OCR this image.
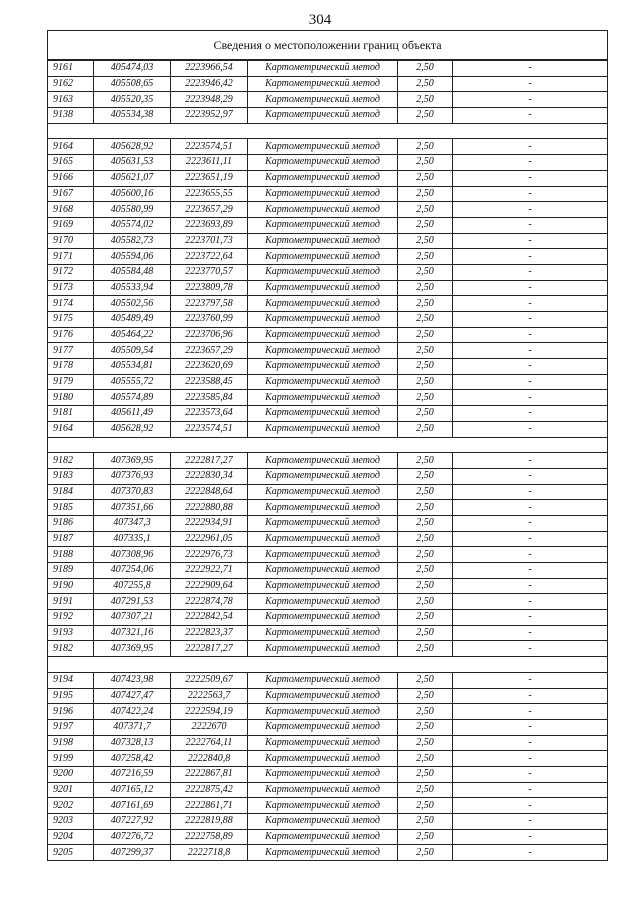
304
Сведения о местоположении границ объекта
9161	405474,03	2223966,54	Картометрический метод	2,50	-
9162	405508,65	2223946,42	Картометрический метод	2,50	-
9163	405520,35	2223948,29	Картометрический метод	2,50	-
9138	405534,38	2223952,97	Картометрический метод	2,50	-

9164	405628,92	2223574,51	Картометрический метод	2,50	-
9165	405631,53	2223611,11	Картометрический метод	2,50	-
9166	405621,07	2223651,19	Картометрический метод	2,50	-
9167	405600,16	2223655,55	Картометрический метод	2,50	-
9168	405580,99	2223657,29	Картометрический метод	2,50	-
9169	405574,02	2223693,89	Картометрический метод	2,50	-
9170	405582,73	2223701,73	Картометрический метод	2,50	-
9171	405594,06	2223722,64	Картометрический метод	2,50	-
9172	405584,48	2223770,57	Картометрический метод	2,50	-
9173	405533,94	2223809,78	Картометрический метод	2,50	-
9174	405502,56	2223797,58	Картометрический метод	2,50	-
9175	405489,49	2223760,99	Картометрический метод	2,50	-
9176	405464,22	2223706,96	Картометрический метод	2,50	-
9177	405509,54	2223657,29	Картометрический метод	2,50	-
9178	405534,81	2223620,69	Картометрический метод	2,50	-
9179	405555,72	2223588,45	Картометрический метод	2,50	-
9180	405574,89	2223585,84	Картометрический метод	2,50	-
9181	405611,49	2223573,64	Картометрический метод	2,50	-
9164	405628,92	2223574,51	Картометрический метод	2,50	-

9182	407369,95	2222817,27	Картометрический метод	2,50	-
9183	407376,93	2222830,34	Картометрический метод	2,50	-
9184	407370,83	2222848,64	Картометрический метод	2,50	-
9185	407351,66	2222880,88	Картометрический метод	2,50	-
9186	407347,3	2222934,91	Картометрический метод	2,50	-
9187	407335,1	2222961,05	Картометрический метод	2,50	-
9188	407308,96	2222976,73	Картометрический метод	2,50	-
9189	407254,06	2222922,71	Картометрический метод	2,50	-
9190	407255,8	2222909,64	Картометрический метод	2,50	-
9191	407291,53	2222874,78	Картометрический метод	2,50	-
9192	407307,21	2222842,54	Картометрический метод	2,50	-
9193	407321,16	2222823,37	Картометрический метод	2,50	-
9182	407369,95	2222817,27	Картометрический метод	2,50	-

9194	407423,98	2222509,67	Картометрический метод	2,50	-
9195	407427,47	2222563,7	Картометрический метод	2,50	-
9196	407422,24	2222594,19	Картометрический метод	2,50	-
9197	407371,7	2222670	Картометрический метод	2,50	-
9198	407328,13	2222764,11	Картометрический метод	2,50	-
9199	407258,42	2222840,8	Картометрический метод	2,50	-
9200	407216,59	2222867,81	Картометрический метод	2,50	-
9201	407165,12	2222875,42	Картометрический метод	2,50	-
9202	407161,69	2222861,71	Картометрический метод	2,50	-
9203	407227,92	2222819,88	Картометрический метод	2,50	-
9204	407276,72	2222758,89	Картометрический метод	2,50	-
9205	407299,37	2222718,8	Картометрический метод	2,50	-
